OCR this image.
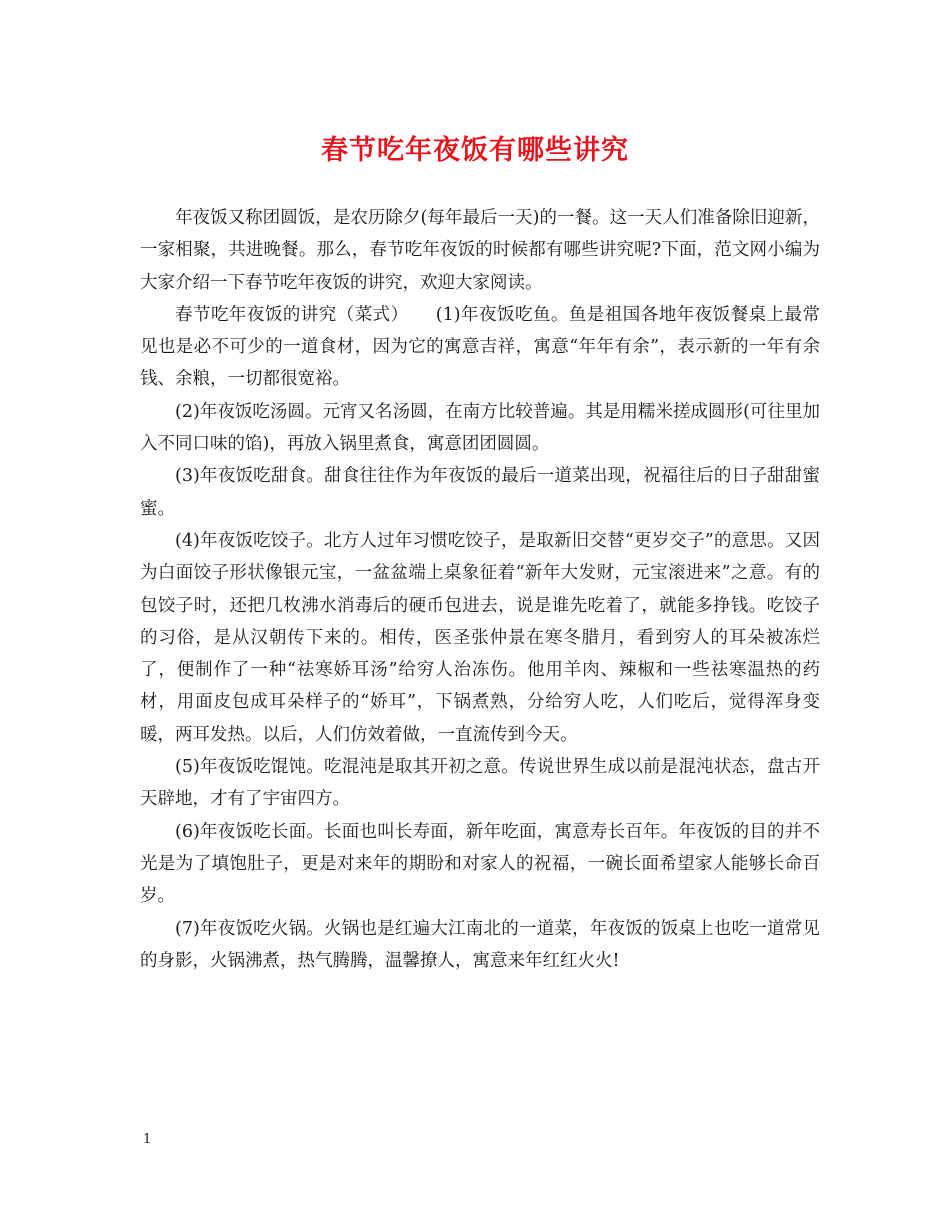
春节吃年夜饭有哪些讲究

年夜饭又称团圆饭，是农历除夕(每年最后一天)的一餐。这一天人们准备除旧迎新，一家相聚，共进晚餐。那么，春节吃年夜饭的时候都有哪些讲究呢?下面，范文网小编为大家介绍一下春节吃年夜饭的讲究，欢迎大家阅读。

春节吃年夜饭的讲究（菜式）　　(1)年夜饭吃鱼。鱼是祖国各地年夜饭餐桌上最常见也是必不可少的一道食材，因为它的寓意吉祥，寓意“年年有余”，表示新的一年有余钱、余粮，一切都很宽裕。

(2)年夜饭吃汤圆。元宵又名汤圆，在南方比较普遍。其是用糯米搓成圆形(可往里加入不同口味的馅)，再放入锅里煮食，寓意团团圆圆。

(3)年夜饭吃甜食。甜食往往作为年夜饭的最后一道菜出现，祝福往后的日子甜甜蜜蜜。

(4)年夜饭吃饺子。北方人过年习惯吃饺子，是取新旧交替“更岁交子”的意思。又因为白面饺子形状像银元宝，一盆盆端上桌象征着“新年大发财，元宝滚进来”之意。有的包饺子时，还把几枚沸水消毒后的硬币包进去，说是谁先吃着了，就能多挣钱。吃饺子的习俗，是从汉朝传下来的。相传，医圣张仲景在寒冬腊月，看到穷人的耳朵被冻烂了，便制作了一种“祛寒娇耳汤”给穷人治冻伤。他用羊肉、辣椒和一些祛寒温热的药材，用面皮包成耳朵样子的“娇耳”，下锅煮熟，分给穷人吃，人们吃后，觉得浑身变暖，两耳发热。以后，人们仿效着做，一直流传到今天。

(5)年夜饭吃馄饨。吃混沌是取其开初之意。传说世界生成以前是混沌状态，盘古开天辟地，才有了宇宙四方。

(6)年夜饭吃长面。长面也叫长寿面，新年吃面，寓意寿长百年。年夜饭的目的并不光是为了填饱肚子，更是对来年的期盼和对家人的祝福，一碗长面希望家人能够长命百岁。

(7)年夜饭吃火锅。火锅也是红遍大江南北的一道菜，年夜饭的饭桌上也吃一道常见的身影，火锅沸煮，热气腾腾，温馨撩人，寓意来年红红火火!

1
